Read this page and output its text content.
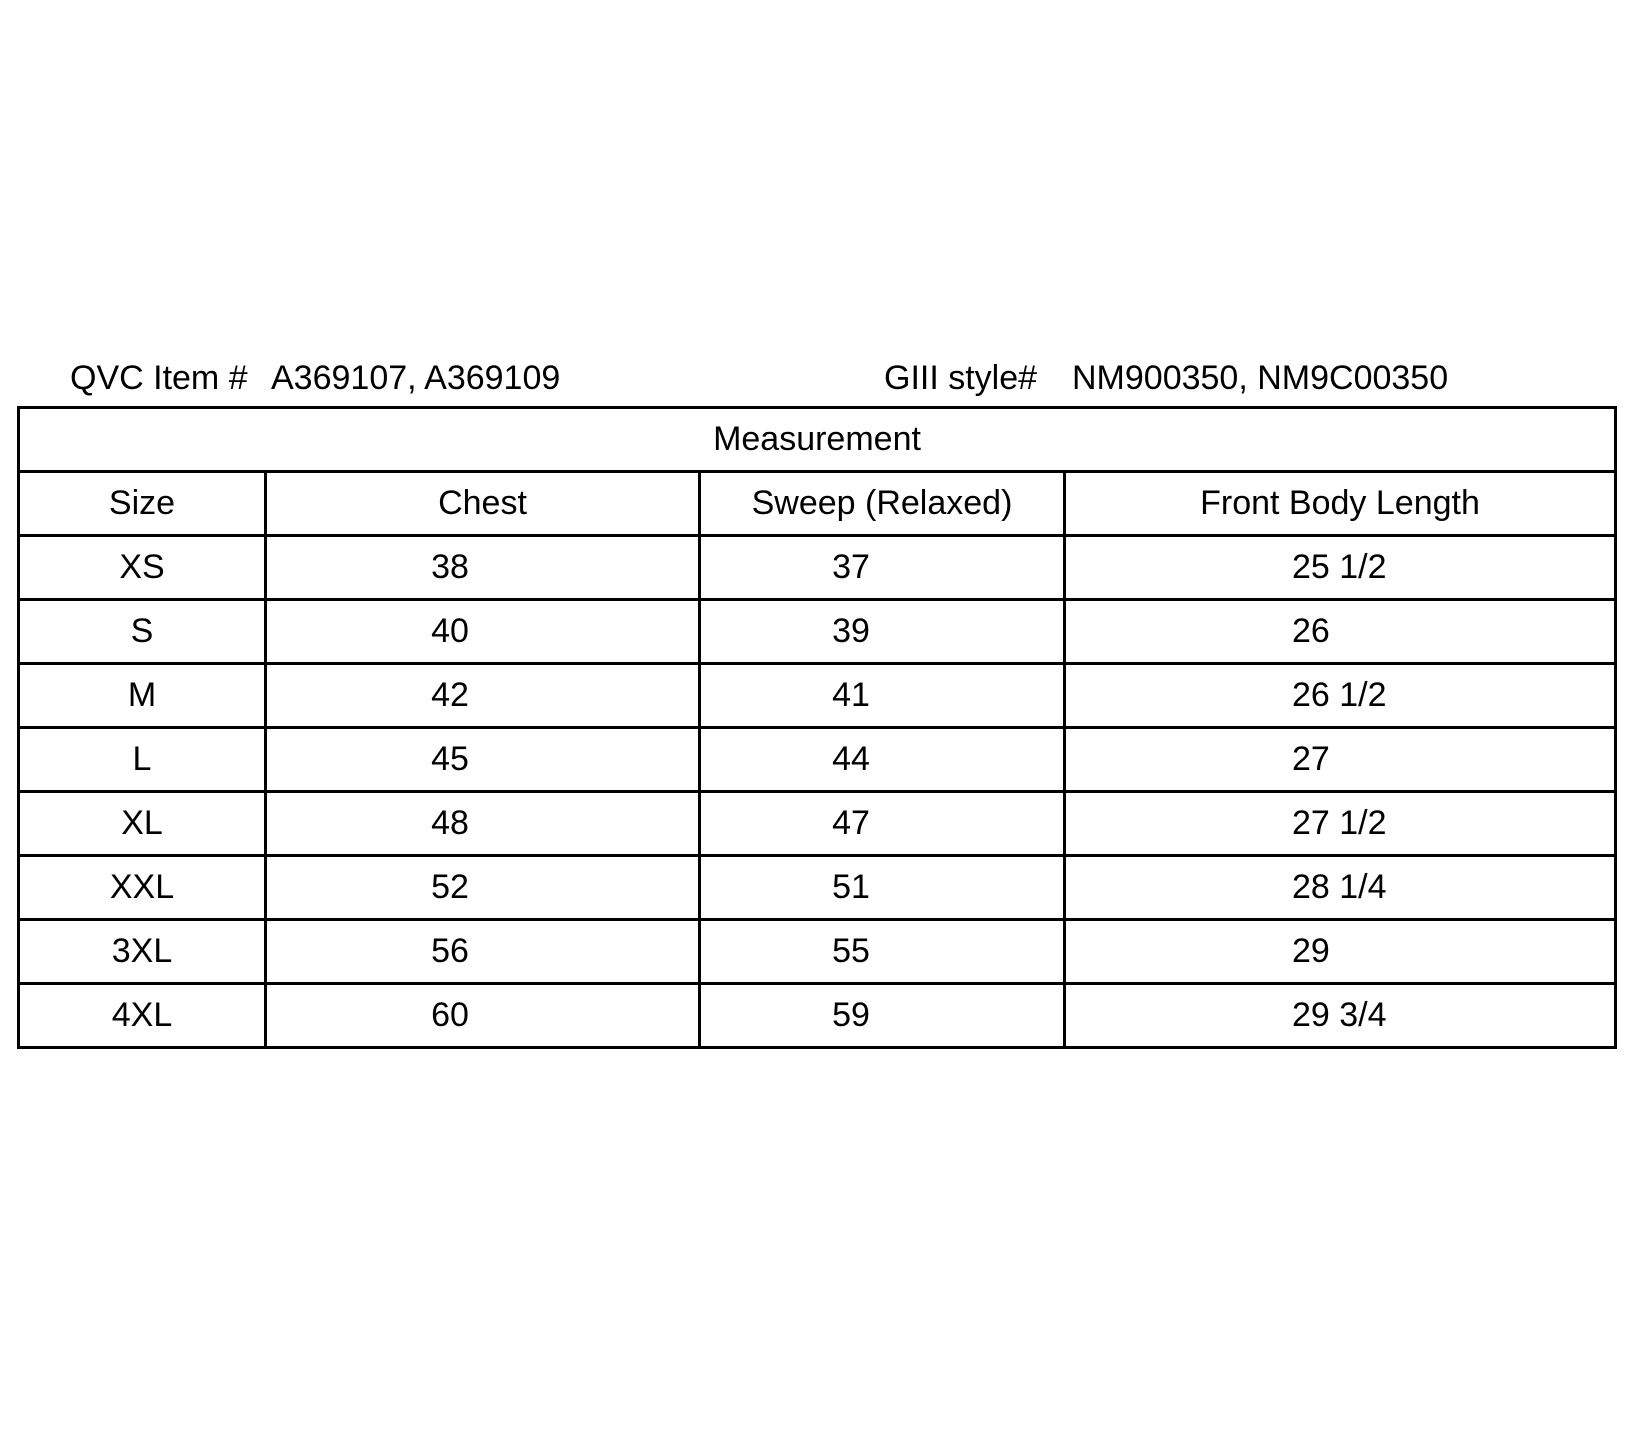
QVC Item # A369107, A369109	GIII style# NM900350, NM9C00350
Measurement			
Size	Chest	Sweep (Relaxed)	Front Body Length
XS	38	37	25 1/2
S	40	39	26
M	42	41	26 1/2
L	45	44	27
XL	48	47	27 1/2
XXL	52	51	28 1/4
3XL	56	55	29
4XL	60	59	29 3/4
